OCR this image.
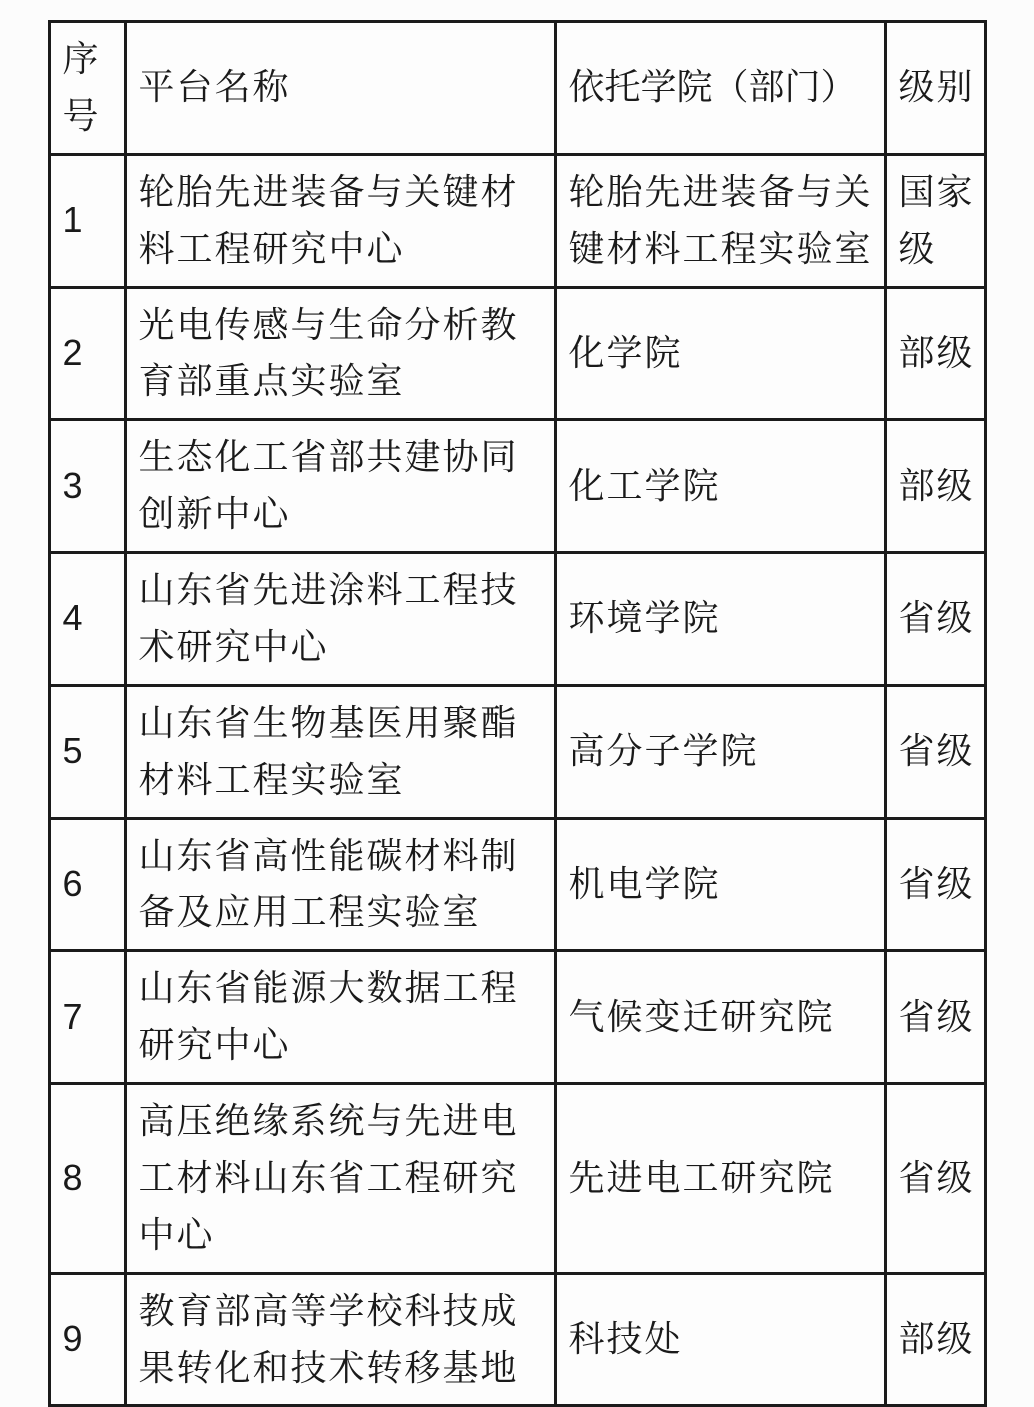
序号	平台名称	依托学院（部门）	级别
1	轮胎先进装备与关键材料工程研究中心	轮胎先进装备与关键材料工程实验室	国家级
2	光电传感与生命分析教育部重点实验室	化学院	部级
3	生态化工省部共建协同创新中心	化工学院	部级
4	山东省先进涂料工程技术研究中心	环境学院	省级
5	山东省生物基医用聚酯材料工程实验室	高分子学院	省级
6	山东省高性能碳材料制备及应用工程实验室	机电学院	省级
7	山东省能源大数据工程研究中心	气候变迁研究院	省级
8	高压绝缘系统与先进电工材料山东省工程研究中心	先进电工研究院	省级
9	教育部高等学校科技成果转化和技术转移基地	科技处	部级
